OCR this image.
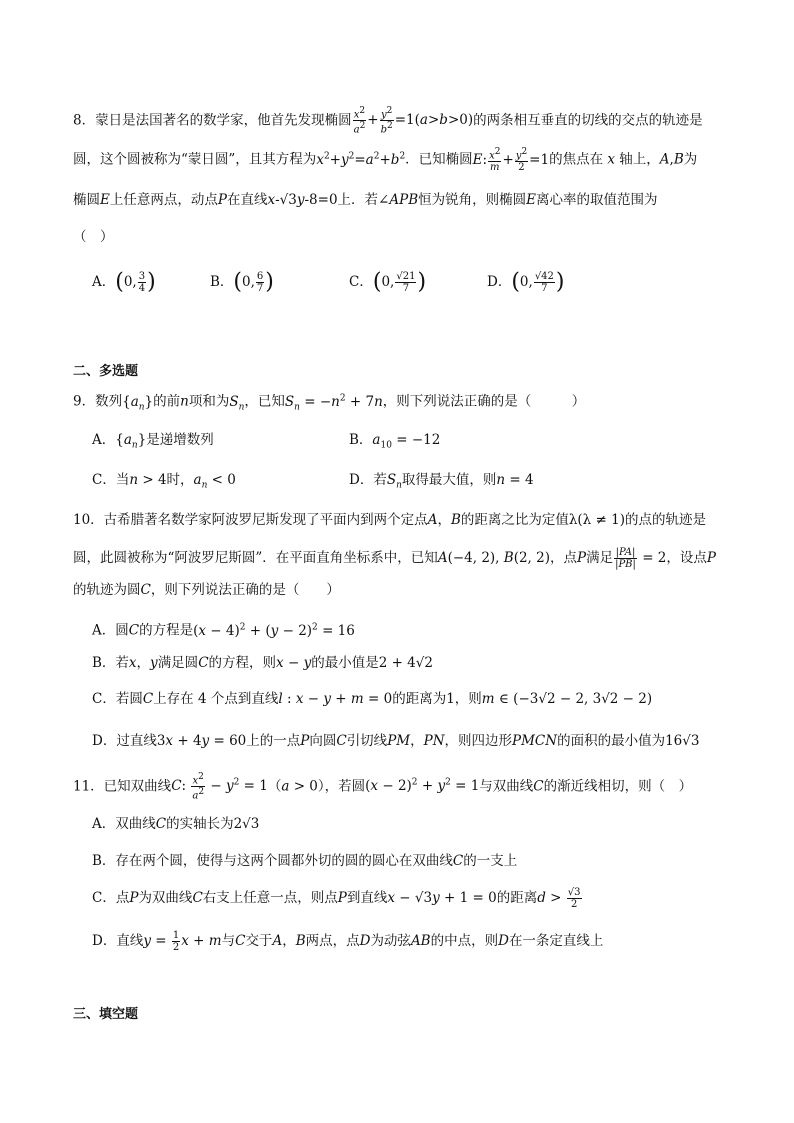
8．蒙日是法国著名的数学家，他首先发现椭圆 $\frac{x^2}{a^2} + \frac{y^2}{b^2} =1(a>b>0)$的两条相互垂直的切线的交点的轨迹是
圆，这个圆被称为“蒙日圆”，且其方程为$x^2+y^2=a^2+b^2$．已知椭圆E: $\frac{x^2}{m} + \frac{y^2}{2} =1$的焦点在 x 轴上，A,B为
椭圆E上任意两点，动点P在直线x-√3y-8=0上．若∠APB恒为锐角，则椭圆E离心率的取值范围为
（　）
A．(0, $\frac{3}{4}$ )	B．(0, $\frac{6}{7}$ )	C．(0, $\frac{√21}{7}$ )	D．(0, $\frac{√42}{7}$ )
二、多选题
9．数列$\{a_n\}$的前n项和为$S_n$，已知$S_n = -n^2 + 7n$，则下列说法正确的是（　　　）
A．$\{a_n\}$是递增数列	B．$a_{10} = -12$
C．当n > 4时，$a_n < 0$	D．若$S_n$取得最大值，则n = 4
10．古希腊著名数学家阿波罗尼斯发现了平面内到两个定点A，B的距离之比为定值λ(λ ≠ 1)的点的轨迹是
圆，此圆被称为“阿波罗尼斯圆”．在平面直角坐标系中，已知A(−4, 2), B(2, 2)，点P满足 $\frac{|PA|}{|PB|} = 2$，设点P
的轨迹为圆C，则下列说法正确的是（　　）
A．圆C的方程是$(x - 4)^2 + (y - 2)^2 = 16$
B．若x，y满足圆C的方程，则x − y的最小值是2 + 4√2
C．若圆C上存在 4 个点到直线l : x − y + m = 0的距离为1，则m ∈ (−3√2 − 2, 3√2 − 2)
D．过直线3x + 4y = 60上的一点P向圆C引切线PM，PN，则四边形PMCN的面积的最小值为16√3
11．已知双曲线C: $\frac{x^2}{a^2} - y^2 = 1(a > 0)$，若圆$(x - 2)^2 + y^2 = 1$与双曲线C的渐近线相切，则（　）
A．双曲线C的实轴长为2√3
B．存在两个圆，使得与这两个圆都外切的圆的圆心在双曲线C的一支上
C．点P为双曲线C右支上任意一点，则点P到直线x − √3y + 1 = 0的距离$d > \frac{√3}{2}$
D．直线$y = \frac{1}{2}$ x + m与C交于A，B两点，点D为动弦AB的中点，则D在一条定直线上
三、填空题
